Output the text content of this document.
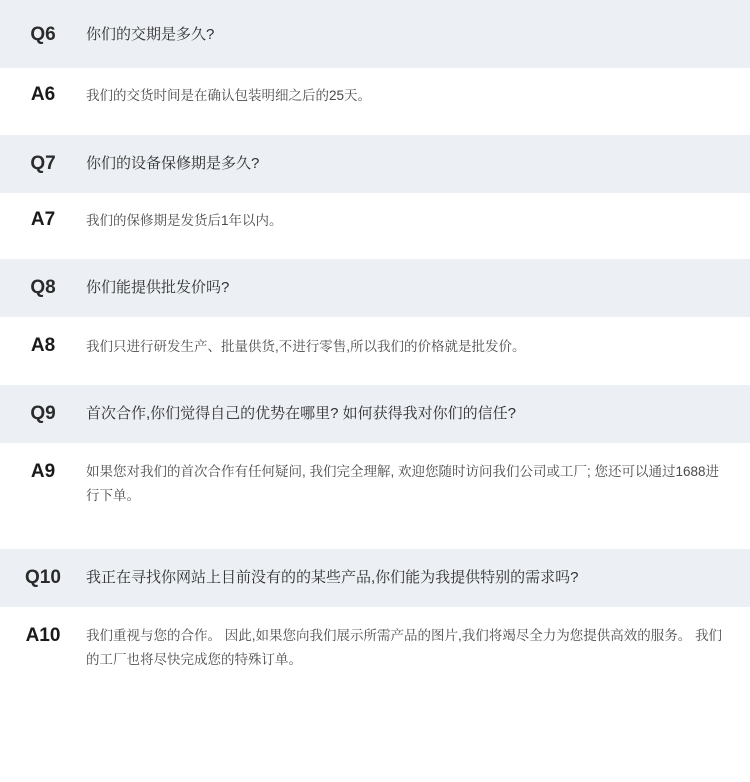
Q6	你们的交期是多久?
A6	我们的交货时间是在确认包装明细之后的25天。
Q7	你们的设备保修期是多久?
A7	我们的保修期是发货后1年以内。
Q8	你们能提供批发价吗?
A8	我们只进行研发生产、批量供货,不进行零售,所以我们的价格就是批发价。
Q9	首次合作,你们觉得自己的优势在哪里? 如何获得我对你们的信任?
A9	如果您对我们的首次合作有任何疑问, 我们完全理解, 欢迎您随时访问我们公司或工厂; 您还可以通过1688进行下单。
Q10	我正在寻找你网站上目前没有的的某些产品,你们能为我提供特别的需求吗?
A10	我们重视与您的合作。 因此,如果您向我们展示所需产品的图片,我们将竭尽全力为您提供高效的服务。 我们的工厂也将尽快完成您的特殊订单。
